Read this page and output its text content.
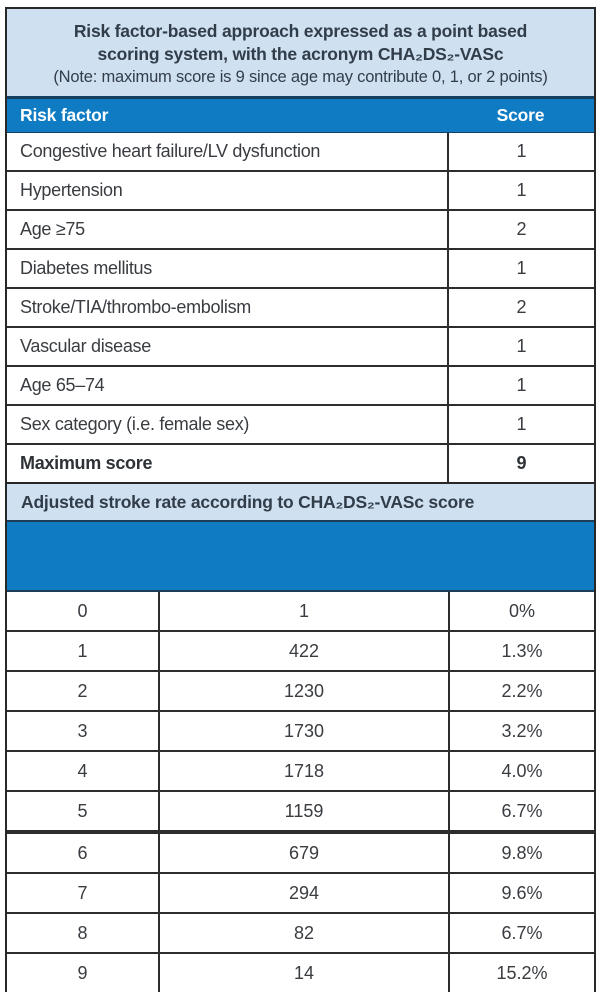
Risk factor-based approach expressed as a point based
scoring system, with the acronym CHA₂DS₂-VASc
(Note: maximum score is 9 since age may contribute 0, 1, or 2 points)
Risk factor	Score
Congestive heart failure/LV dysfunction	1
Hypertension	1
Age ≥75	2
Diabetes mellitus	1
Stroke/TIA/thrombo-embolism	2
Vascular disease	1
Age 65–74	1
Sex category (i.e. female sex)	1
Maximum score	9
Adjusted stroke rate according to CHA₂DS₂-VASc score
0	1	0%
1	422	1.3%
2	1230	2.2%
3	1730	3.2%
4	1718	4.0%
5	1159	6.7%
6	679	9.8%
7	294	9.6%
8	82	6.7%
9	14	15.2%
